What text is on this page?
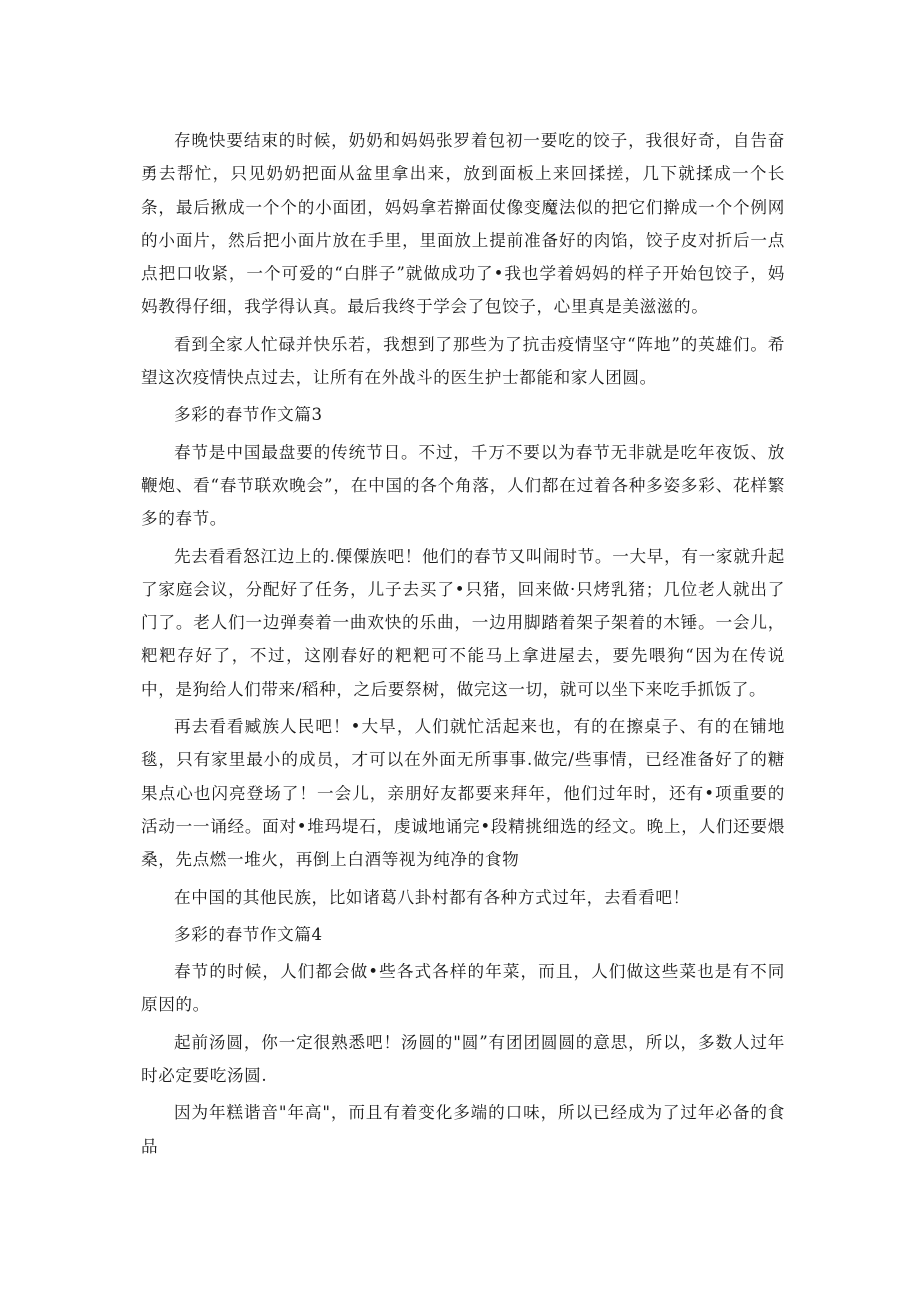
存晚快要结束的时候，奶奶和妈妈张罗着包初一要吃的饺子，我很好奇，自告奋勇去帮忙，只见奶奶把面从盆里拿出来，放到面板上来回揉搓，几下就揉成一个长条，最后揪成一个个的小面团，妈妈拿若擀面仗像变魔法似的把它们擀成一个个例网的小面片，然后把小面片放在手里，里面放上提前准备好的肉馅，饺子皮对折后一点点把口收紧，一个可爱的“白胖子”就做成功了•我也学着妈妈的样子开始包饺子，妈妈教得仔细，我学得认真。最后我终于学会了包饺子，心里真是美滋滋的。

看到全家人忙碌并快乐若，我想到了那些为了抗击疫情坚守“阵地”的英雄们。希望这次疫情快点过去，让所有在外战斗的医生护士都能和家人团圆。

多彩的春节作文篇3

春节是中国最盘要的传统节日。不过，千万不要以为春节无非就是吃年夜饭、放鞭炮、看“春节联欢晚会”，在中国的各个角落，人们都在过着各种多姿多彩、花样繁多的春节。

先去看看怒江边上的.傈僳族吧！他们的春节又叫闹时节。一大早，有一家就升起了家庭会议，分配好了任务，儿子去买了•只猪，回来做·只烤乳猪；几位老人就出了门了。老人们一边弹奏着一曲欢快的乐曲，一边用脚踏着架子架着的木锤。一会儿，粑粑存好了，不过，这刚春好的粑粑可不能马上拿进屋去，要先喂狗“因为在传说中，是狗给人们带来/稻种，之后要祭树，做完这一切，就可以坐下来吃手抓饭了。

再去看看臧族人民吧！•大早，人们就忙活起来也，有的在擦桌子、有的在铺地毯，只有家里最小的成员，才可以在外面无所事事.做完/些事情，已经准备好了的糖果点心也闪亮登场了！一会儿，亲朋好友都要来拜年，他们过年时，还有•项重要的活动一一诵经。面对•堆玛堤石，虔诚地诵完•段精挑细选的经文。晚上，人们还要煨桑，先点燃一堆火，再倒上白酒等视为纯净的食物

在中国的其他民族，比如诸葛八卦村都有各种方式过年，去看看吧！

多彩的春节作文篇4

春节的时候，人们都会做•些各式各样的年菜，而且，人们做这些菜也是有不同原因的。

起前汤圆，你一定很熟悉吧！汤圆的"圆”有团团圆圆的意思，所以，多数人过年时必定要吃汤圆.

因为年糕谐音"年高"，而且有着变化多端的口味，所以已经成为了过年必备的食品
